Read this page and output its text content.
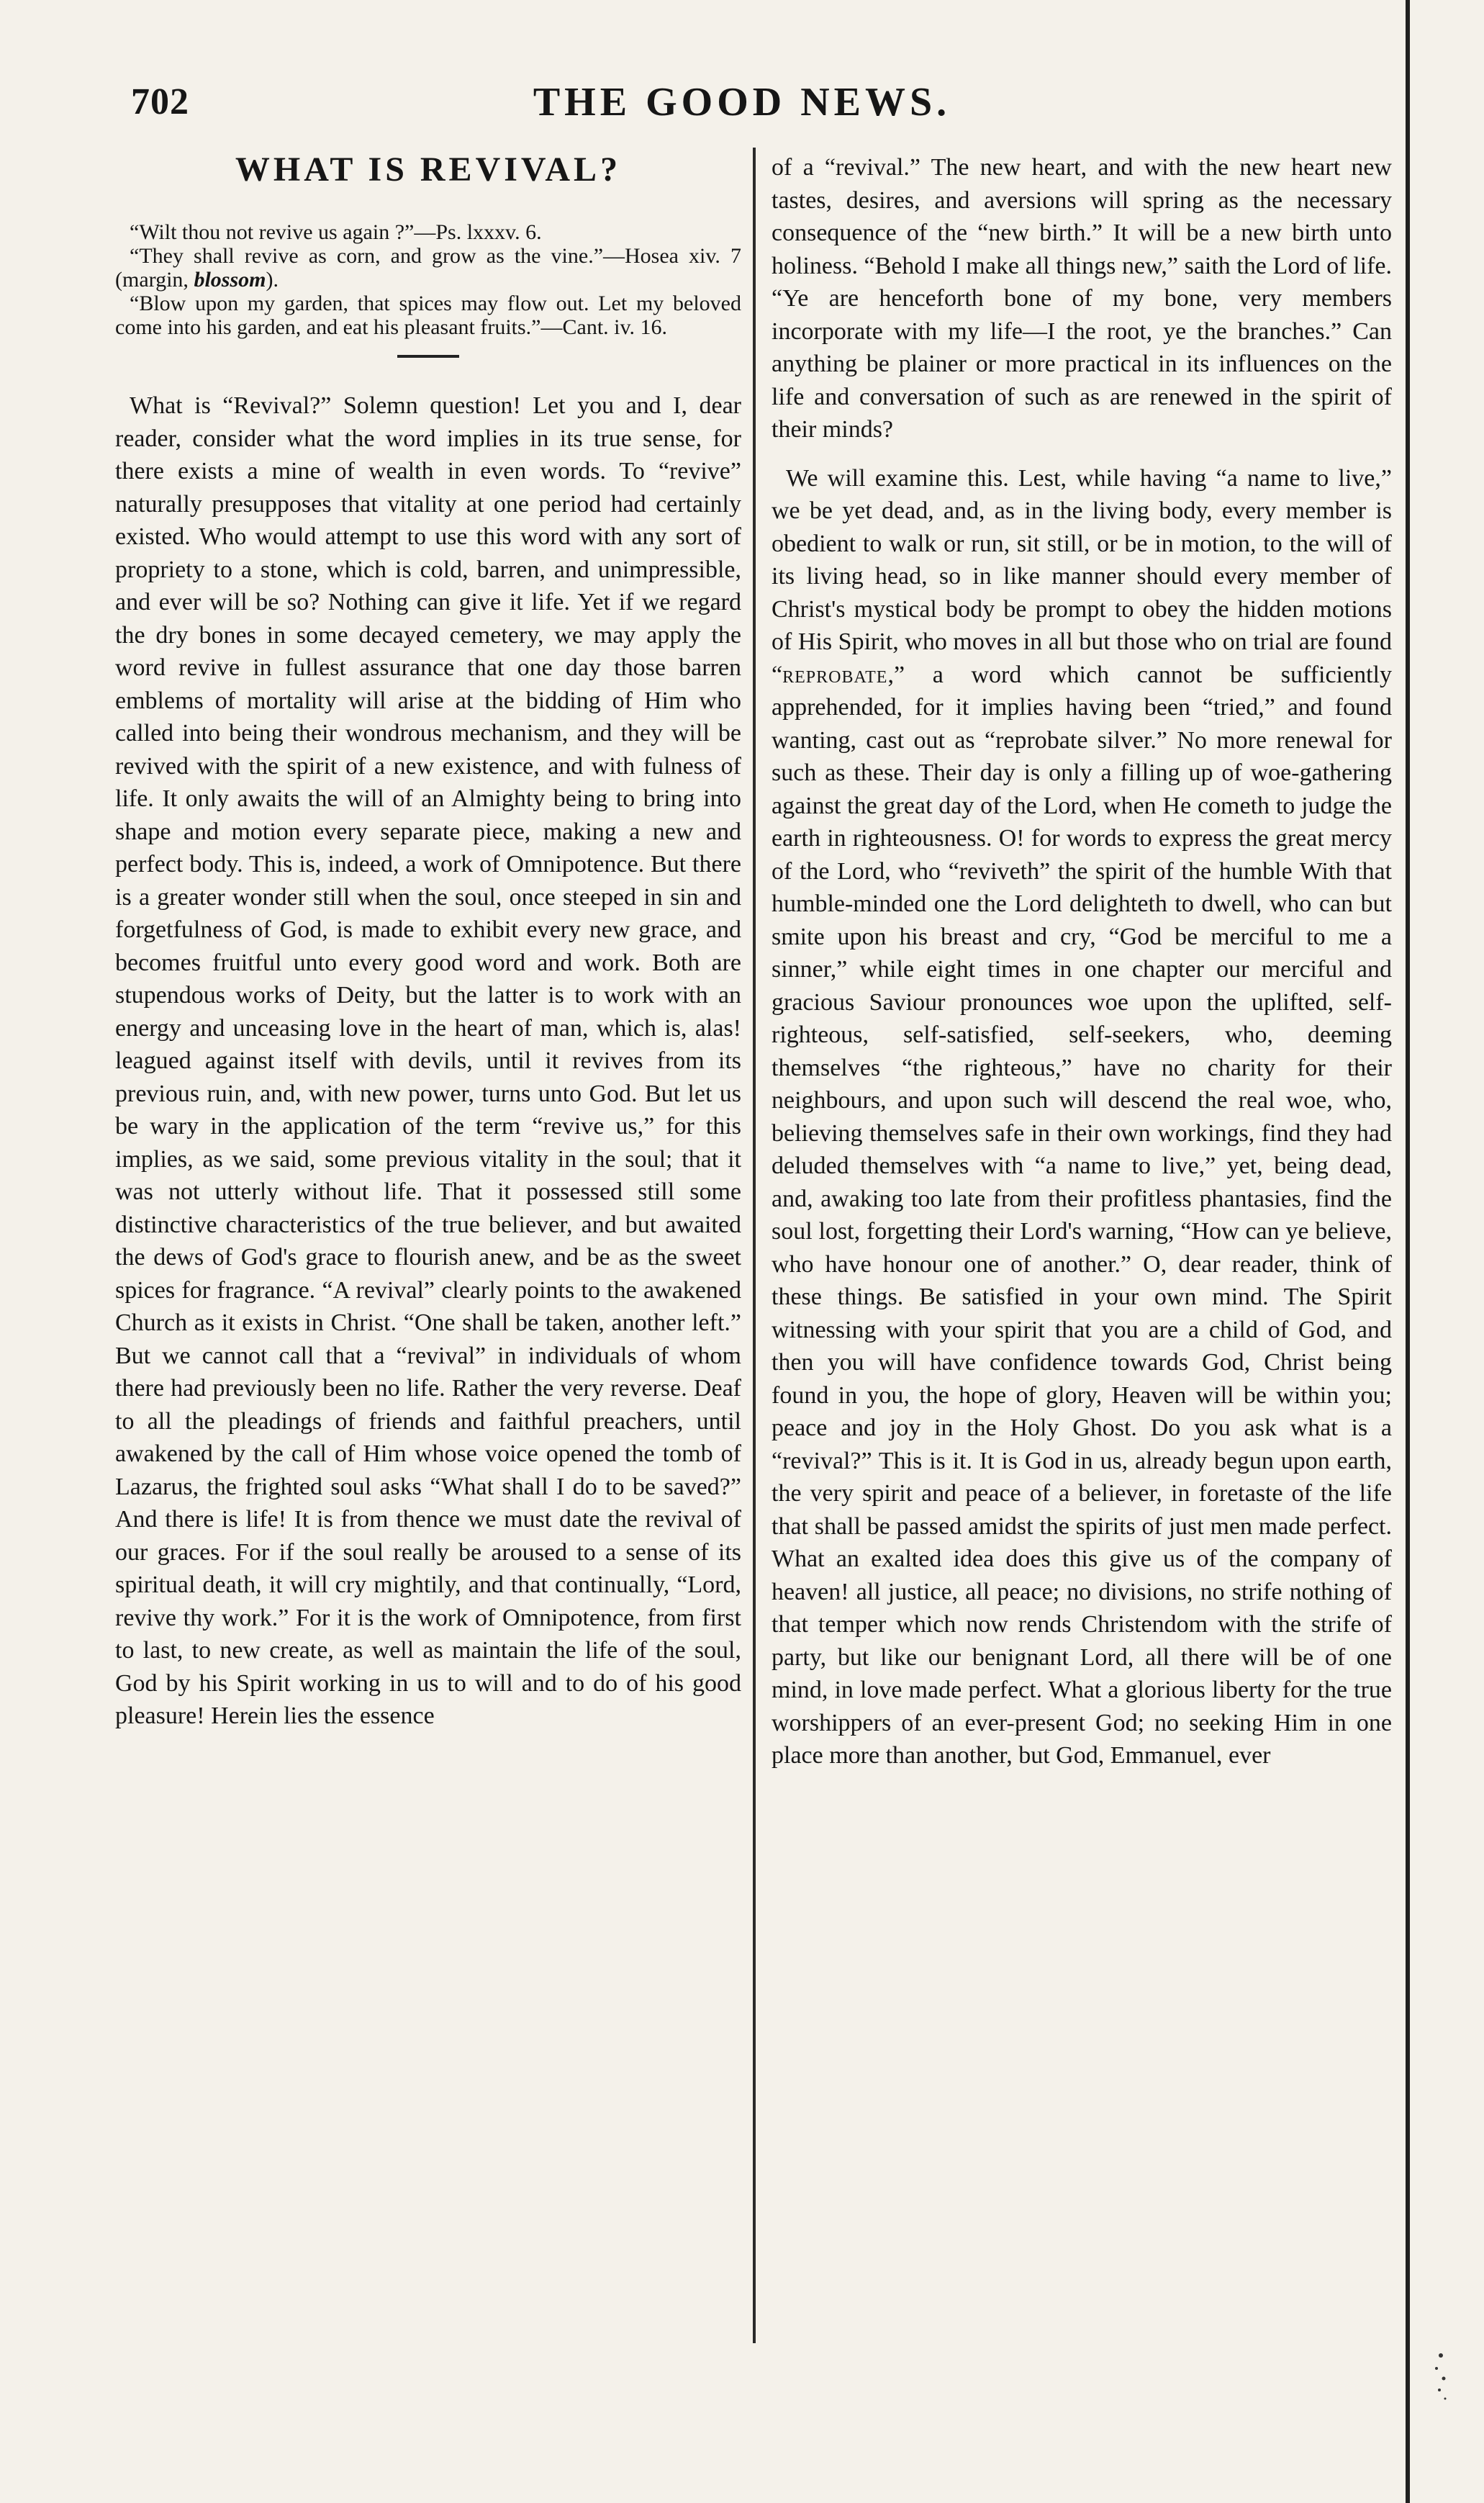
702	THE GOOD NEWS.
WHAT IS REVIVAL?

“Wilt thou not revive us again ?”—Ps. lxxxv. 6.

“They shall revive as corn, and grow as the vine.”—Hosea xiv. 7 (margin, blossom).

“Blow upon my garden, that spices may flow out. Let my beloved come into his garden, and eat his pleasant fruits.”—Cant. iv. 16.

What is “Revival?” Solemn question! Let you and I, dear reader, consider what the word implies in its true sense, for there exists a mine of wealth in even words. To “revive” naturally presupposes that vitality at one period had certainly existed. Who would attempt to use this word with any sort of propriety to a stone, which is cold, barren, and unimpressible, and ever will be so? Nothing can give it life. Yet if we regard the dry bones in some decayed cemetery, we may apply the word revive in fullest assurance that one day those barren emblems of mortality will arise at the bidding of Him who called into being their wondrous mechanism, and they will be revived with the spirit of a new existence, and with fulness of life. It only awaits the will of an Almighty being to bring into shape and motion every separate piece, making a new and perfect body. This is, indeed, a work of Omnipotence. But there is a greater wonder still when the soul, once steeped in sin and forgetfulness of God, is made to exhibit every new grace, and becomes fruitful unto every good word and work. Both are stupendous works of Deity, but the latter is to work with an energy and unceasing love in the heart of man, which is, alas! leagued against itself with devils, until it revives from its previous ruin, and, with new power, turns unto God. But let us be wary in the application of the term “revive us,” for this implies, as we said, some previous vitality in the soul; that it was not utterly without life. That it possessed still some distinctive characteristics of the true believer, and but awaited the dews of God's grace to flourish anew, and be as the sweet spices for fragrance. “A revival” clearly points to the awakened Church as it exists in Christ. “One shall be taken, another left.” But we cannot call that a “revival” in individuals of whom there had previously been no life. Rather the very reverse. Deaf to all the pleadings of friends and faithful preachers, until awakened by the call of Him whose voice opened the tomb of Lazarus, the frighted soul asks “What shall I do to be saved?” And there is life! It is from thence we must date the revival of our graces. For if the soul really be aroused to a sense of its spiritual death, it will cry mightily, and that continually, “Lord, revive thy work.” For it is the work of Omnipotence, from first to last, to new create, as well as maintain the life of the soul, God by his Spirit working in us to will and to do of his good pleasure! Herein lies the essence

of a “revival.” The new heart, and with the new heart new tastes, desires, and aversions will spring as the necessary consequence of the “new birth.” It will be a new birth unto holiness. “Behold I make all things new,” saith the Lord of life. “Ye are henceforth bone of my bone, very members incorporate with my life—I the root, ye the branches.” Can anything be plainer or more practical in its influences on the life and conversation of such as are renewed in the spirit of their minds?

We will examine this. Lest, while having “a name to live,” we be yet dead, and, as in the living body, every member is obedient to walk or run, sit still, or be in motion, to the will of its living head, so in like manner should every member of Christ's mystical body be prompt to obey the hidden motions of His Spirit, who moves in all but those who on trial are found “reprobate,” a word which cannot be sufficiently apprehended, for it implies having been “tried,” and found wanting, cast out as “reprobate silver.” No more renewal for such as these. Their day is only a filling up of woe-gathering against the great day of the Lord, when He cometh to judge the earth in righteousness. O! for words to express the great mercy of the Lord, who “reviveth” the spirit of the humble With that humble-minded one the Lord delighteth to dwell, who can but smite upon his breast and cry, “God be merciful to me a sinner,” while eight times in one chapter our merciful and gracious Saviour pronounces woe upon the uplifted, self-righteous, self-satisfied, self-seekers, who, deeming themselves “the righteous,” have no charity for their neighbours, and upon such will descend the real woe, who, believing themselves safe in their own workings, find they had deluded themselves with “a name to live,” yet, being dead, and, awaking too late from their profitless phantasies, find the soul lost, forgetting their Lord's warning, “How can ye believe, who have honour one of another.” O, dear reader, think of these things. Be satisfied in your own mind. The Spirit witnessing with your spirit that you are a child of God, and then you will have confidence towards God, Christ being found in you, the hope of glory, Heaven will be within you; peace and joy in the Holy Ghost. Do you ask what is a “revival?” This is it. It is God in us, already begun upon earth, the very spirit and peace of a believer, in foretaste of the life that shall be passed amidst the spirits of just men made perfect. What an exalted idea does this give us of the company of heaven! all justice, all peace; no divisions, no strife nothing of that temper which now rends Christendom with the strife of party, but like our benignant Lord, all there will be of one mind, in love made perfect. What a glorious liberty for the true worshippers of an ever-present God; no seeking Him in one place more than another, but God, Emmanuel, ever
